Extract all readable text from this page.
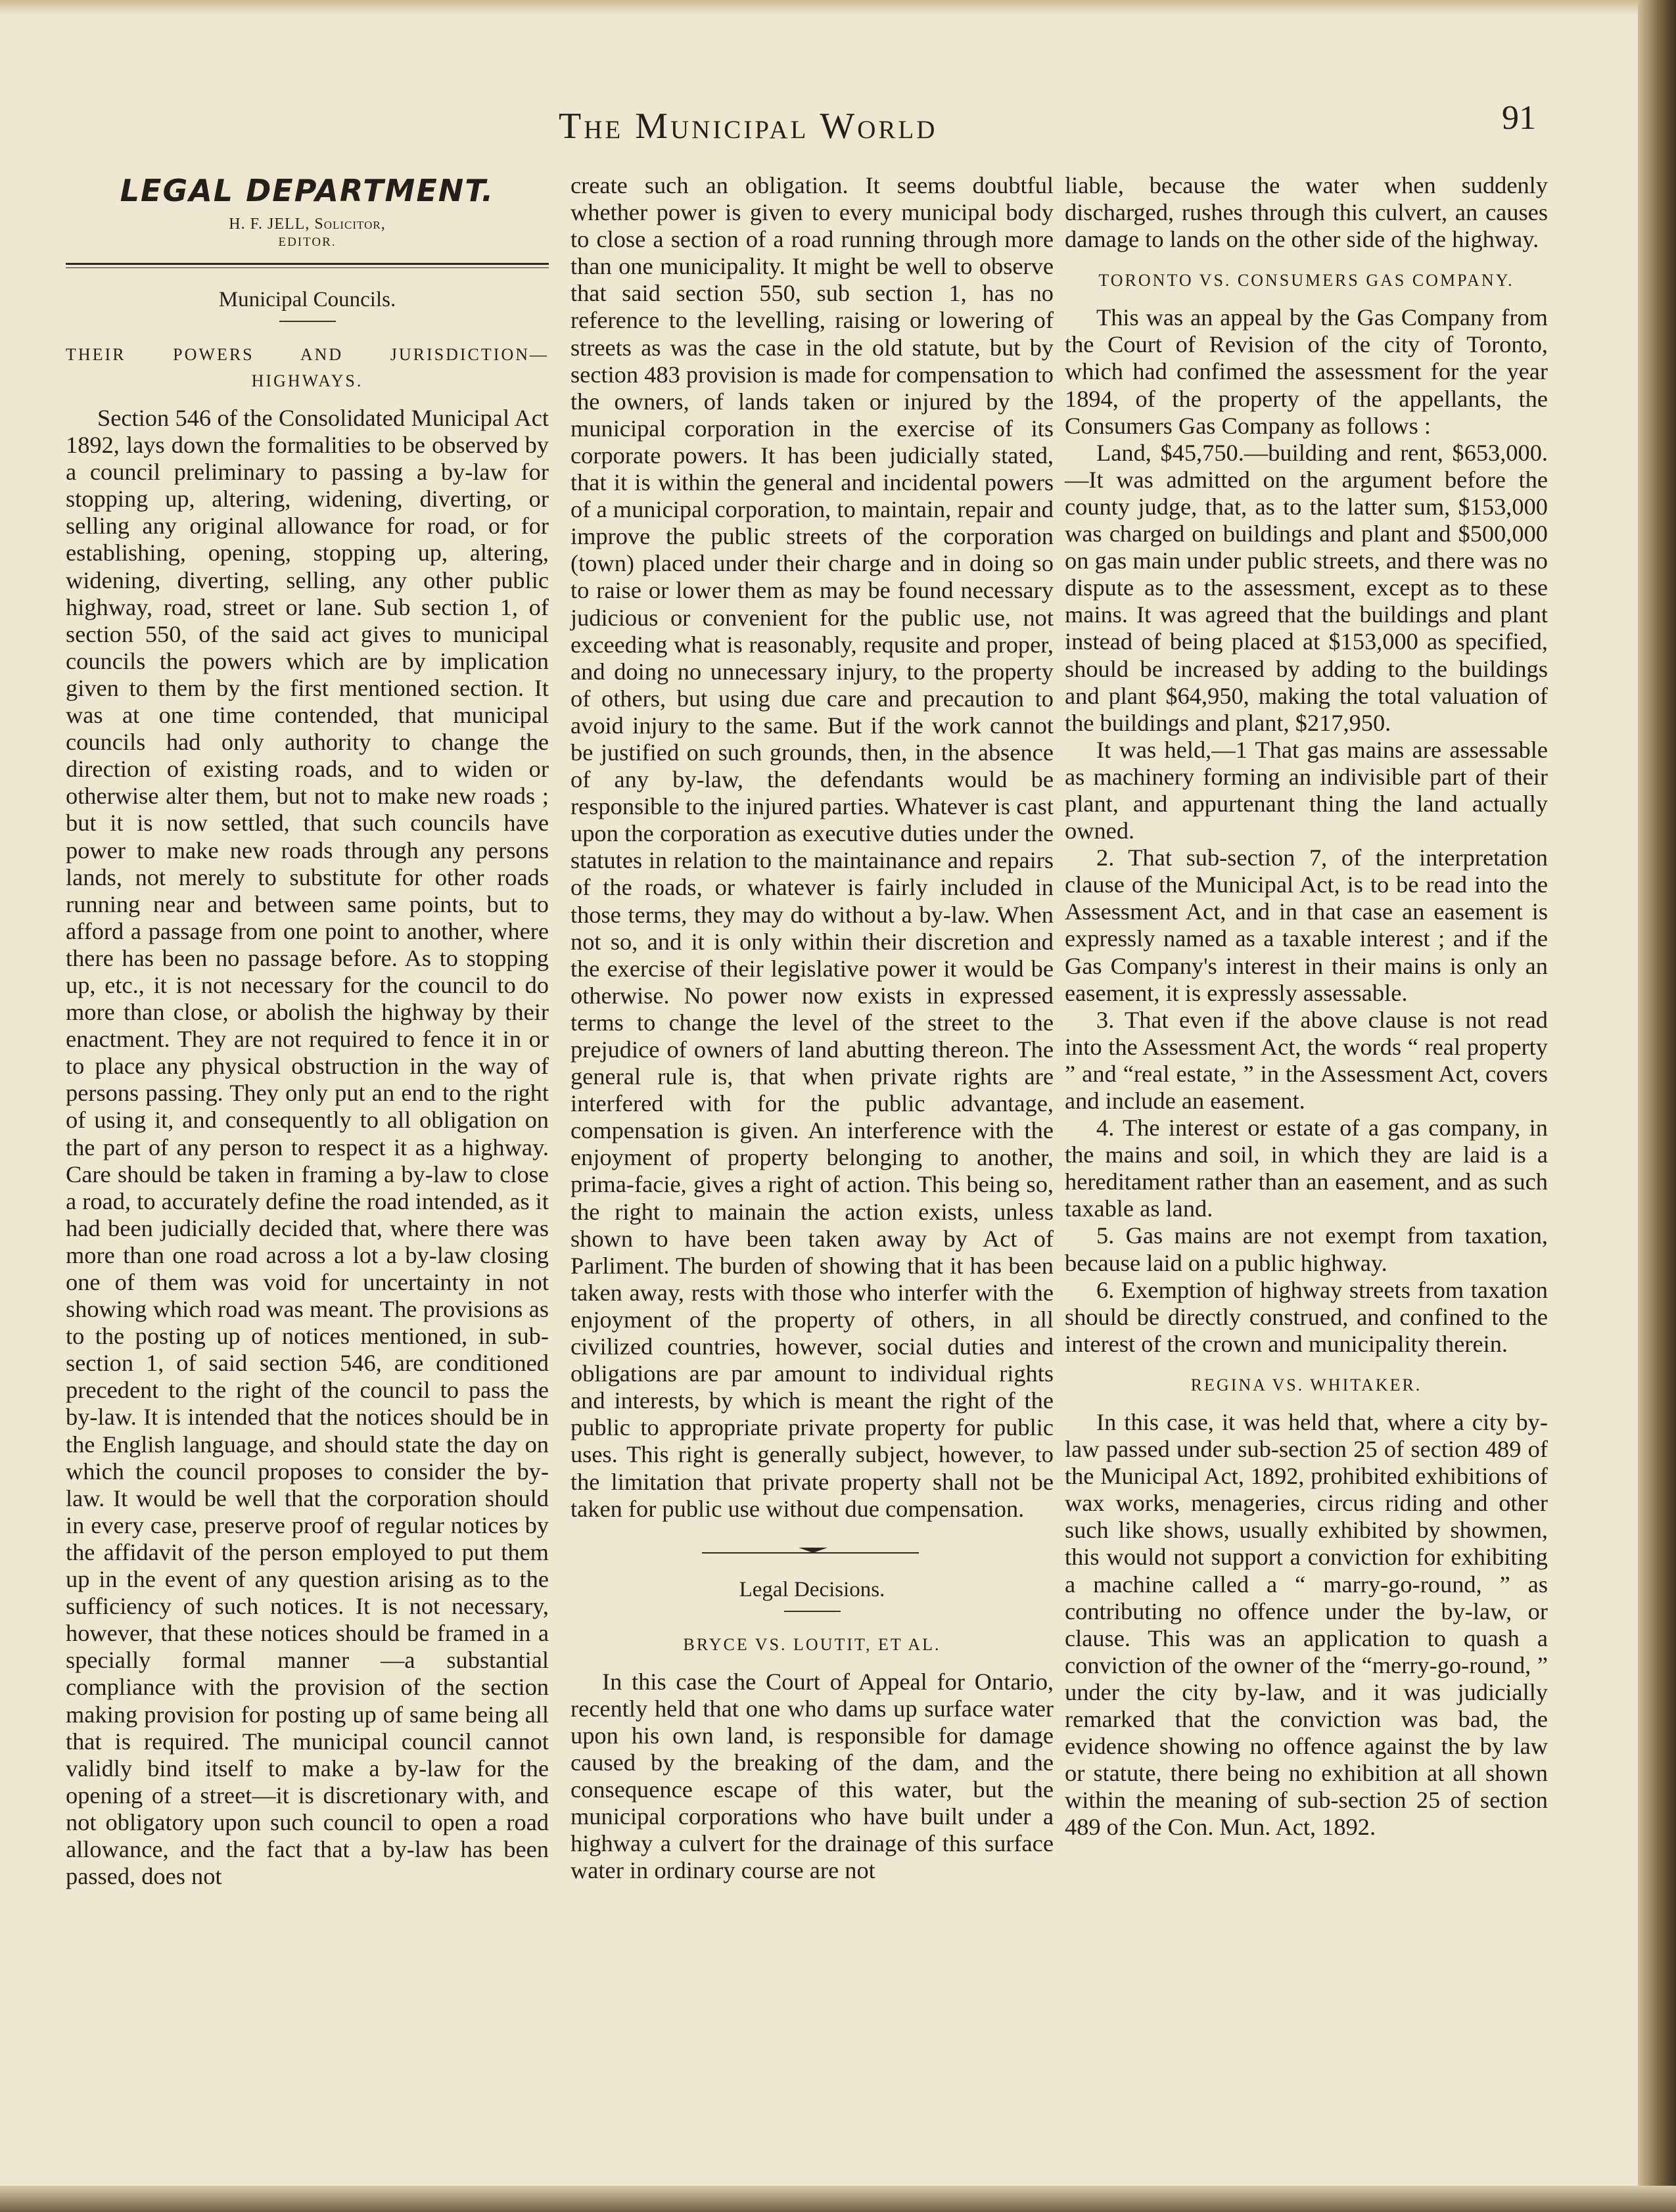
The Municipal World	91
LEGAL DEPARTMENT.
H. F. JELL, Solicitor,
EDITOR.
Municipal Councils.
THEIR POWERS AND JURISDICTION—
HIGHWAYS.

Section 546 of the Consolidated Municipal Act 1892, lays down the formalities to be observed by a council preliminary to passing a by-law for stopping up, altering, widening, diverting, or selling any original allowance for road, or for establishing, opening, stopping up, altering, widening, diverting, selling, any other public highway, road, street or lane. Sub section 1, of section 550, of the said act gives to municipal councils the powers which are by implication given to them by the first mentioned section. It was at one time contended, that municipal councils had only authority to change the direction of existing roads, and to widen or otherwise alter them, but not to make new roads ; but it is now settled, that such councils have power to make new roads through any persons lands, not merely to substitute for other roads running near and between same points, but to afford a passage from one point to another, where there has been no passage before. As to stopping up, etc., it is not necessary for the council to do more than close, or abolish the highway by their enactment. They are not required to fence it in or to place any physical obstruction in the way of persons passing. They only put an end to the right of using it, and consequently to all obligation on the part of any person to respect it as a highway. Care should be taken in framing a by-law to close a road, to accurately define the road intended, as it had been judicially decided that, where there was more than one road across a lot a by-law closing one of them was void for uncertainty in not showing which road was meant. The provisions as to the posting up of notices mentioned, in sub-section 1, of said section 546, are conditioned precedent to the right of the council to pass the by-law. It is intended that the notices should be in the English language, and should state the day on which the council proposes to consider the by-law. It would be well that the corporation should in every case, preserve proof of regular notices by the affidavit of the person employed to put them up in the event of any question arising as to the sufficiency of such notices. It is not necessary, however, that these notices should be framed in a specially formal manner —a substantial compliance with the provision of the section making provision for posting up of same being all that is required. The municipal council cannot validly bind itself to make a by-law for the opening of a street—it is discretionary with, and not obligatory upon such council to open a road allowance, and the fact that a by-law has been passed, does not

create such an obligation. It seems doubtful whether power is given to every municipal body to close a section of a road running through more than one municipality. It might be well to observe that said section 550, sub section 1, has no reference to the levelling, raising or lowering of streets as was the case in the old statute, but by section 483 provision is made for compensation to the owners, of lands taken or injured by the municipal corporation in the exercise of its corporate powers. It has been judicially stated, that it is within the general and incidental powers of a municipal corporation, to maintain, repair and improve the public streets of the corporation (town) placed under their charge and in doing so to raise or lower them as may be found necessary judicious or convenient for the public use, not exceeding what is reasonably, requsite and proper, and doing no unnecessary injury, to the property of others, but using due care and precaution to avoid injury to the same. But if the work cannot be justified on such grounds, then, in the absence of any by-law, the defendants would be responsible to the injured parties. Whatever is cast upon the corporation as executive duties under the statutes in relation to the maintainance and repairs of the roads, or whatever is fairly included in those terms, they may do without a by-law. When not so, and it is only within their discretion and the exercise of their legislative power it would be otherwise. No power now exists in expressed terms to change the level of the street to the prejudice of owners of land abutting thereon. The general rule is, that when private rights are interfered with for the public advantage, compensation is given. An interference with the enjoyment of property belonging to another, prima-facie, gives a right of action. This being so, the right to mainain the action exists, unless shown to have been taken away by Act of Parliment. The burden of showing that it has been taken away, rests with those who interfer with the enjoyment of the property of others, in all civilized countries, however, social duties and obligations are par amount to individual rights and interests, by which is meant the right of the public to appropriate private property for public uses. This right is generally subject, however, to the limitation that private property shall not be taken for public use without due compensation.

Legal Decisions.
BRYCE VS. LOUTIT, ET AL.

In this case the Court of Appeal for Ontario, recently held that one who dams up surface water upon his own land, is responsible for damage caused by the breaking of the dam, and the consequence escape of this water, but the municipal corporations who have built under a highway a culvert for the drainage of this surface water in ordinary course are not

liable, because the water when suddenly discharged, rushes through this culvert, an causes damage to lands on the other side of the highway.

TORONTO VS. CONSUMERS GAS COMPANY.

This was an appeal by the Gas Company from the Court of Revision of the city of Toronto, which had confimed the assessment for the year 1894, of the property of the appellants, the Consumers Gas Company as follows :

Land, $45,750.—building and rent, $653,000.—It was admitted on the argument before the county judge, that, as to the latter sum, $153,000 was charged on buildings and plant and $500,000 on gas main under public streets, and there was no dispute as to the assessment, except as to these mains. It was agreed that the buildings and plant instead of being placed at $153,000 as specified, should be increased by adding to the buildings and plant $64,950, making the total valuation of the buildings and plant, $217,950.

It was held,—1 That gas mains are assessable as machinery forming an indivisible part of their plant, and appurtenant thing the land actually owned.

2. That sub-section 7, of the interpretation clause of the Municipal Act, is to be read into the Assessment Act, and in that case an easement is expressly named as a taxable interest ; and if the Gas Company's interest in their mains is only an easement, it is expressly assessable.

3. That even if the above clause is not read into the Assessment Act, the words “ real property ” and “real estate, ” in the Assessment Act, covers and include an easement.

4. The interest or estate of a gas company, in the mains and soil, in which they are laid is a hereditament rather than an easement, and as such taxable as land.

5. Gas mains are not exempt from taxation, because laid on a public highway.

6. Exemption of highway streets from taxation should be directly construed, and confined to the interest of the crown and municipality therein.

REGINA VS. WHITAKER.

In this case, it was held that, where a city by-law passed under sub-section 25 of section 489 of the Municipal Act, 1892, prohibited exhibitions of wax works, menageries, circus riding and other such like shows, usually exhibited by showmen, this would not support a conviction for exhibiting a machine called a “ marry-go-round, ” as contributing no offence under the by-law, or clause. This was an application to quash a conviction of the owner of the “merry-go-round, ” under the city by-law, and it was judicially remarked that the conviction was bad, the evidence showing no offence against the by law or statute, there being no exhibition at all shown within the meaning of sub-section 25 of section 489 of the Con. Mun. Act, 1892.
